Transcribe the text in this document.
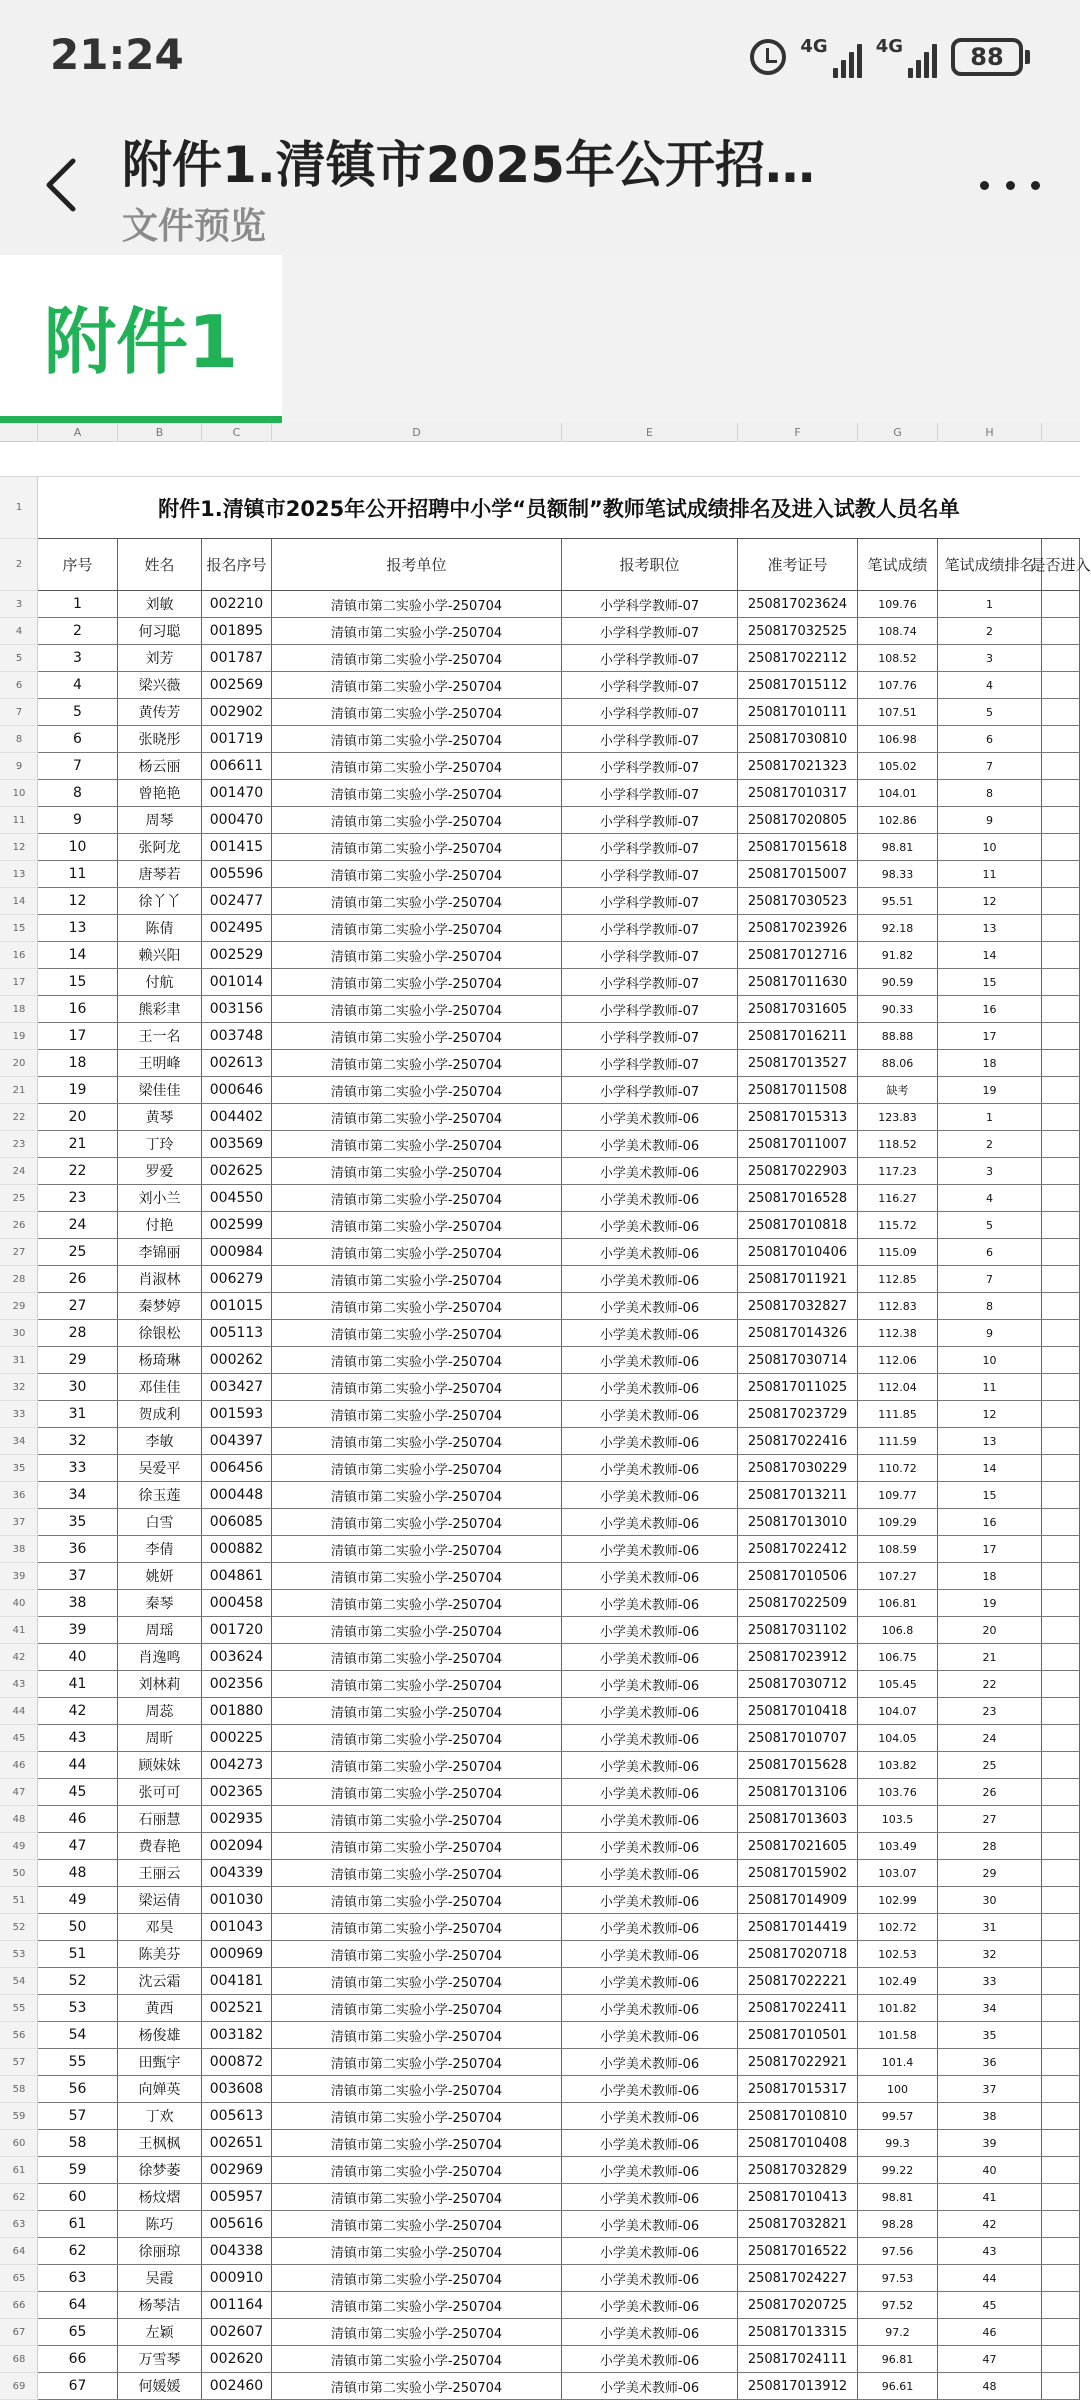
21:24	4G	4G	88
附件1.清镇市2025年公开招…
文件预览
附件1
A	B	C	D	E	F	G	H
1
2
3
4
5
6
7
8
9
10
11
12
13
14
15
16
17
18
19
20
21
22
23
24
25
26
27
28
29
30
31
32
33
34
35
36
37
38
39
40
41
42
43
44
45
46
47
48
49
50
51
52
53
54
55
56
57
58
59
60
61
62
63
64
65
66
67
68
69
附件1.清镇市2025年公开招聘中小学“员额制”教师笔试成绩排名及进入试教人员名单
序号	姓名	报名序号	报考单位	报考职位	准考证号	笔试成绩	笔试成绩排名
是否进入
1	刘敏	002210	清镇市第二实验小学-250704	小学科学教师-07	250817023624	109.76	1
2	何习聪	001895	清镇市第二实验小学-250704	小学科学教师-07	250817032525	108.74	2
3	刘芳	001787	清镇市第二实验小学-250704	小学科学教师-07	250817022112	108.52	3
4	梁兴薇	002569	清镇市第二实验小学-250704	小学科学教师-07	250817015112	107.76	4
5	黄传芳	002902	清镇市第二实验小学-250704	小学科学教师-07	250817010111	107.51	5
6	张晓彤	001719	清镇市第二实验小学-250704	小学科学教师-07	250817030810	106.98	6
7	杨云丽	006611	清镇市第二实验小学-250704	小学科学教师-07	250817021323	105.02	7
8	曾艳艳	001470	清镇市第二实验小学-250704	小学科学教师-07	250817010317	104.01	8
9	周琴	000470	清镇市第二实验小学-250704	小学科学教师-07	250817020805	102.86	9
10	张阿龙	001415	清镇市第二实验小学-250704	小学科学教师-07	250817015618	98.81	10
11	唐琴若	005596	清镇市第二实验小学-250704	小学科学教师-07	250817015007	98.33	11
12	徐丫丫	002477	清镇市第二实验小学-250704	小学科学教师-07	250817030523	95.51	12
13	陈倩	002495	清镇市第二实验小学-250704	小学科学教师-07	250817023926	92.18	13
14	赖兴阳	002529	清镇市第二实验小学-250704	小学科学教师-07	250817012716	91.82	14
15	付航	001014	清镇市第二实验小学-250704	小学科学教师-07	250817011630	90.59	15
16	熊彩聿	003156	清镇市第二实验小学-250704	小学科学教师-07	250817031605	90.33	16
17	王一名	003748	清镇市第二实验小学-250704	小学科学教师-07	250817016211	88.88	17
18	王明峰	002613	清镇市第二实验小学-250704	小学科学教师-07	250817013527	88.06	18
19	梁佳佳	000646	清镇市第二实验小学-250704	小学科学教师-07	250817011508	缺考	19
20	黄琴	004402	清镇市第二实验小学-250704	小学美术教师-06	250817015313	123.83	1
21	丁玲	003569	清镇市第二实验小学-250704	小学美术教师-06	250817011007	118.52	2
22	罗爱	002625	清镇市第二实验小学-250704	小学美术教师-06	250817022903	117.23	3
23	刘小兰	004550	清镇市第二实验小学-250704	小学美术教师-06	250817016528	116.27	4
24	付艳	002599	清镇市第二实验小学-250704	小学美术教师-06	250817010818	115.72	5
25	李锦丽	000984	清镇市第二实验小学-250704	小学美术教师-06	250817010406	115.09	6
26	肖淑林	006279	清镇市第二实验小学-250704	小学美术教师-06	250817011921	112.85	7
27	秦梦婷	001015	清镇市第二实验小学-250704	小学美术教师-06	250817032827	112.83	8
28	徐银松	005113	清镇市第二实验小学-250704	小学美术教师-06	250817014326	112.38	9
29	杨琦琳	000262	清镇市第二实验小学-250704	小学美术教师-06	250817030714	112.06	10
30	邓佳佳	003427	清镇市第二实验小学-250704	小学美术教师-06	250817011025	112.04	11
31	贺成利	001593	清镇市第二实验小学-250704	小学美术教师-06	250817023729	111.85	12
32	李敏	004397	清镇市第二实验小学-250704	小学美术教师-06	250817022416	111.59	13
33	吴爱平	006456	清镇市第二实验小学-250704	小学美术教师-06	250817030229	110.72	14
34	徐玉莲	000448	清镇市第二实验小学-250704	小学美术教师-06	250817013211	109.77	15
35	白雪	006085	清镇市第二实验小学-250704	小学美术教师-06	250817013010	109.29	16
36	李倩	000882	清镇市第二实验小学-250704	小学美术教师-06	250817022412	108.59	17
37	姚妍	004861	清镇市第二实验小学-250704	小学美术教师-06	250817010506	107.27	18
38	秦琴	000458	清镇市第二实验小学-250704	小学美术教师-06	250817022509	106.81	19
39	周瑶	001720	清镇市第二实验小学-250704	小学美术教师-06	250817031102	106.8	20
40	肖逸鸣	003624	清镇市第二实验小学-250704	小学美术教师-06	250817023912	106.75	21
41	刘林莉	002356	清镇市第二实验小学-250704	小学美术教师-06	250817030712	105.45	22
42	周蕊	001880	清镇市第二实验小学-250704	小学美术教师-06	250817010418	104.07	23
43	周昕	000225	清镇市第二实验小学-250704	小学美术教师-06	250817010707	104.05	24
44	顾妹妹	004273	清镇市第二实验小学-250704	小学美术教师-06	250817015628	103.82	25
45	张可可	002365	清镇市第二实验小学-250704	小学美术教师-06	250817013106	103.76	26
46	石丽慧	002935	清镇市第二实验小学-250704	小学美术教师-06	250817013603	103.5	27
47	费春艳	002094	清镇市第二实验小学-250704	小学美术教师-06	250817021605	103.49	28
48	王丽云	004339	清镇市第二实验小学-250704	小学美术教师-06	250817015902	103.07	29
49	梁运倩	001030	清镇市第二实验小学-250704	小学美术教师-06	250817014909	102.99	30
50	邓昊	001043	清镇市第二实验小学-250704	小学美术教师-06	250817014419	102.72	31
51	陈美芬	000969	清镇市第二实验小学-250704	小学美术教师-06	250817020718	102.53	32
52	沈云霜	004181	清镇市第二实验小学-250704	小学美术教师-06	250817022221	102.49	33
53	黄西	002521	清镇市第二实验小学-250704	小学美术教师-06	250817022411	101.82	34
54	杨俊雄	003182	清镇市第二实验小学-250704	小学美术教师-06	250817010501	101.58	35
55	田甄宇	000872	清镇市第二实验小学-250704	小学美术教师-06	250817022921	101.4	36
56	向婵英	003608	清镇市第二实验小学-250704	小学美术教师-06	250817015317	100	37
57	丁欢	005613	清镇市第二实验小学-250704	小学美术教师-06	250817010810	99.57	38
58	王枫枫	002651	清镇市第二实验小学-250704	小学美术教师-06	250817010408	99.3	39
59	徐梦萎	002969	清镇市第二实验小学-250704	小学美术教师-06	250817032829	99.22	40
60	杨炆熠	005957	清镇市第二实验小学-250704	小学美术教师-06	250817010413	98.81	41
61	陈巧	005616	清镇市第二实验小学-250704	小学美术教师-06	250817032821	98.28	42
62	徐丽琼	004338	清镇市第二实验小学-250704	小学美术教师-06	250817016522	97.56	43
63	吴霞	000910	清镇市第二实验小学-250704	小学美术教师-06	250817024227	97.53	44
64	杨琴洁	001164	清镇市第二实验小学-250704	小学美术教师-06	250817020725	97.52	45
65	左颖	002607	清镇市第二实验小学-250704	小学美术教师-06	250817013315	97.2	46
66	万雪琴	002620	清镇市第二实验小学-250704	小学美术教师-06	250817024111	96.81	47
67	何媛媛	002460	清镇市第二实验小学-250704	小学美术教师-06	250817013912	96.61	48
